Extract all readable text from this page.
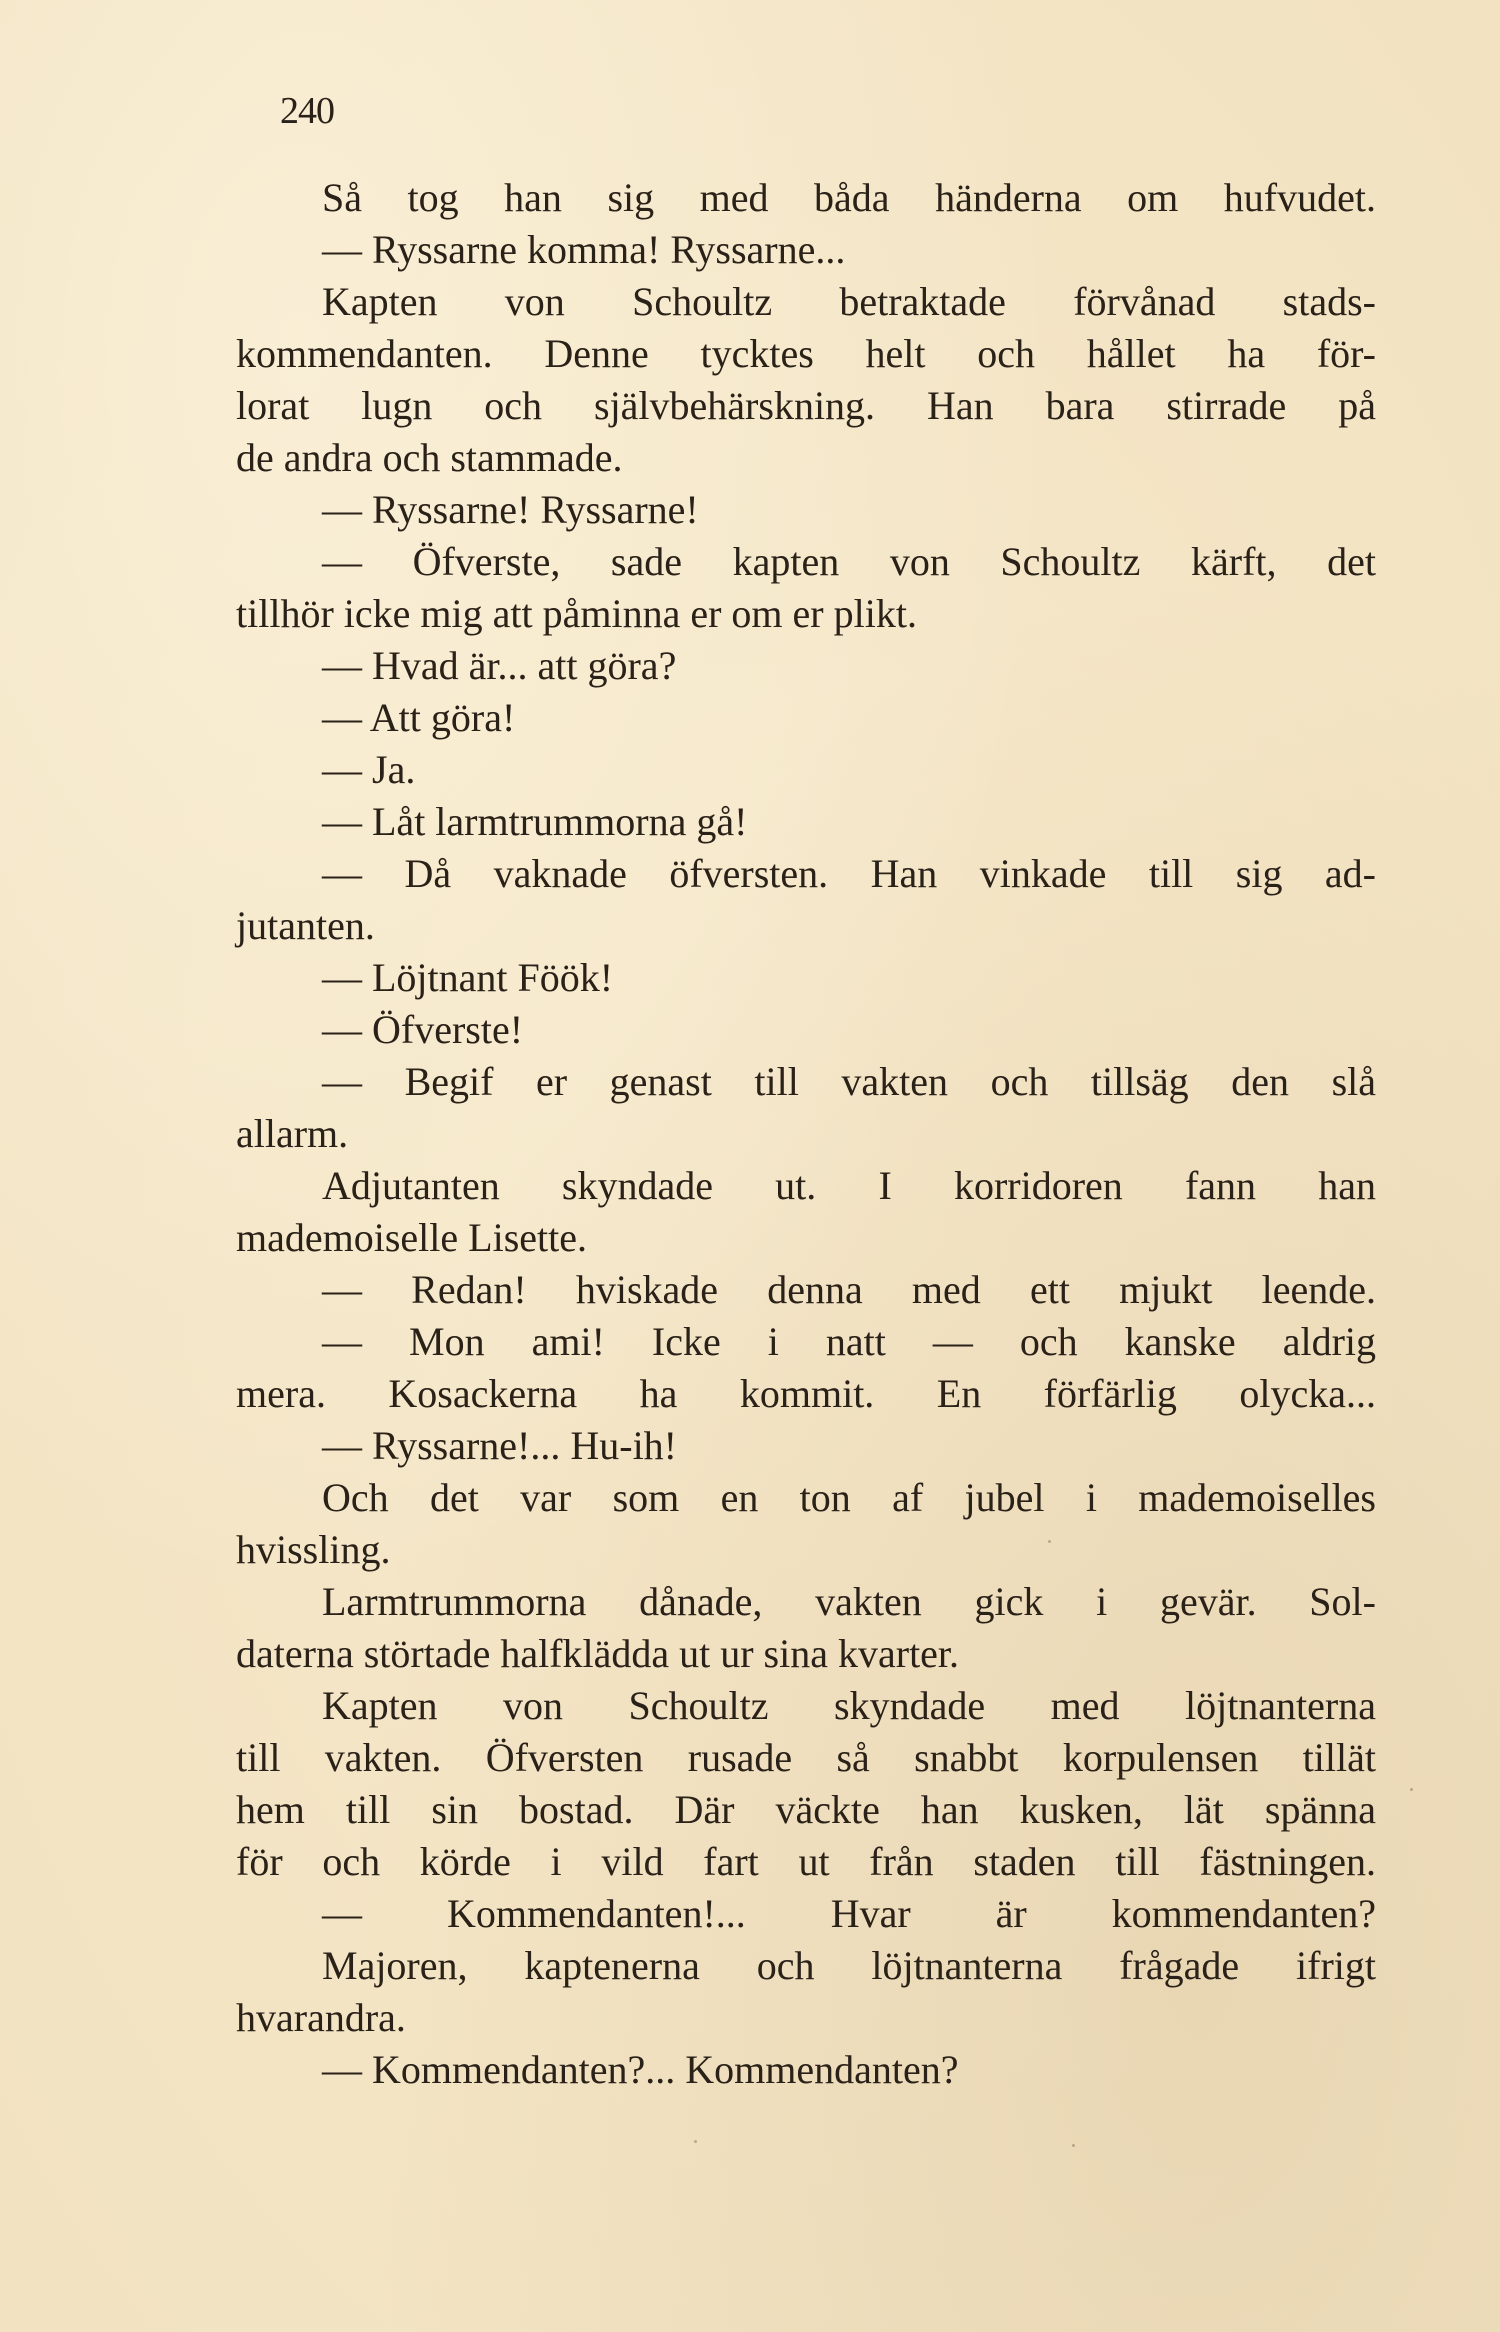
240
Så tog han sig med båda händerna om hufvudet.
— Ryssarne komma! Ryssarne...
Kapten von Schoultz betraktade förvånad stads-
kommendanten. Denne tycktes helt och hållet ha för-
lorat lugn och självbehärskning. Han bara stirrade på
de andra och stammade.
— Ryssarne! Ryssarne!
— Öfverste, sade kapten von Schoultz kärft, det
tillhör icke mig att påminna er om er plikt.
— Hvad är... att göra?
— Att göra!
— Ja.
— Låt larmtrummorna gå!
— Då vaknade öfversten. Han vinkade till sig ad-
jutanten.
— Löjtnant Föök!
— Öfverste!
— Begif er genast till vakten och tillsäg den slå
allarm.
Adjutanten skyndade ut. I korridoren fann han
mademoiselle Lisette.
— Redan! hviskade denna med ett mjukt leende.
— Mon ami! Icke i natt — och kanske aldrig
mera. Kosackerna ha kommit. En förfärlig olycka...
— Ryssarne!... Hu-ih!
Och det var som en ton af jubel i mademoiselles
hvissling.
Larmtrummorna dånade, vakten gick i gevär. Sol-
daterna störtade halfklädda ut ur sina kvarter.
Kapten von Schoultz skyndade med löjtnanterna
till vakten. Öfversten rusade så snabbt korpulensen tillät
hem till sin bostad. Där väckte han kusken, lät spänna
för och körde i vild fart ut från staden till fästningen.
— Kommendanten!... Hvar är kommendanten?
Majoren, kaptenerna och löjtnanterna frågade ifrigt
hvarandra.
— Kommendanten?... Kommendanten?
